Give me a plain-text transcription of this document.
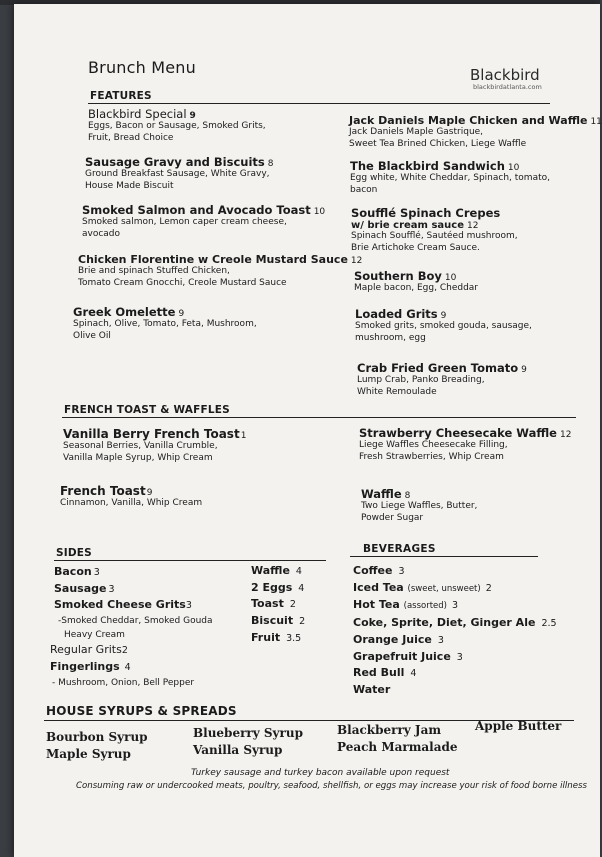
Brunch Menu	Blackbird
blackbirdatlanta.com
FEATURES
Blackbird Special 9
Eggs, Bacon or Sausage, Smoked Grits,
Fruit, Bread Choice
Sausage Gravy and Biscuits 8
Ground Breakfast Sausage, White Gravy,
House Made Biscuit
Smoked Salmon and Avocado Toast 10
Smoked salmon, Lemon caper cream cheese,
avocado
Chicken Florentine w Creole Mustard Sauce 12
Brie and spinach Stuffed Chicken,
Tomato Cream Gnocchi, Creole Mustard Sauce
Greek Omelette 9
Spinach, Olive, Tomato, Feta, Mushroom,
Olive Oil
Jack Daniels Maple Chicken and Waffle 11
Jack Daniels Maple Gastrique,
Sweet Tea Brined Chicken, Liege Waffle
The Blackbird Sandwich 10
Egg white, White Cheddar, Spinach, tomato,
bacon
Soufflé Spinach Crepes
w/ brie cream sauce 12
Spinach Soufflé, Sautéed mushroom,
Brie Artichoke Cream Sauce.
Southern Boy 10
Maple bacon, Egg, Cheddar
Loaded Grits 9
Smoked grits, smoked gouda, sausage,
mushroom, egg
Crab Fried Green Tomato 9
Lump Crab, Panko Breading,
White Remoulade
FRENCH TOAST & WAFFLES
Vanilla Berry French Toast1
Seasonal Berries, Vanilla Crumble,
Vanilla Maple Syrup, Whip Cream
French Toast9
Cinnamon, Vanilla, Whip Cream
Strawberry Cheesecake Waffle 12
Liege Waffles Cheesecake Filling,
Fresh Strawberries, Whip Cream
Waffle 8
Two Liege Waffles, Butter,
Powder Sugar
SIDES
Bacon 3
Sausage 3
Smoked Cheese Grits3
-Smoked Cheddar, Smoked Gouda
Heavy Cream
Regular Grits2
Fingerlings 4
- Mushroom, Onion, Bell Pepper
Waffle 4
2 Eggs 4
Toast 2
Biscuit 2
Fruit 3.5
BEVERAGES
Coffee 3
Iced Tea (sweet, unsweet) 2
Hot Tea (assorted) 3
Coke, Sprite, Diet, Ginger Ale 2.5
Orange Juice 3
Grapefruit Juice 3
Red Bull 4
Water
HOUSE SYRUPS & SPREADS
Bourbon Syrup
Maple Syrup
Blueberry Syrup
Vanilla Syrup
Blackberry Jam
Peach Marmalade
Apple Butter
Turkey sausage and turkey bacon available upon request
Consuming raw or undercooked meats, poultry, seafood, shellfish, or eggs may increase your risk of food borne illness
